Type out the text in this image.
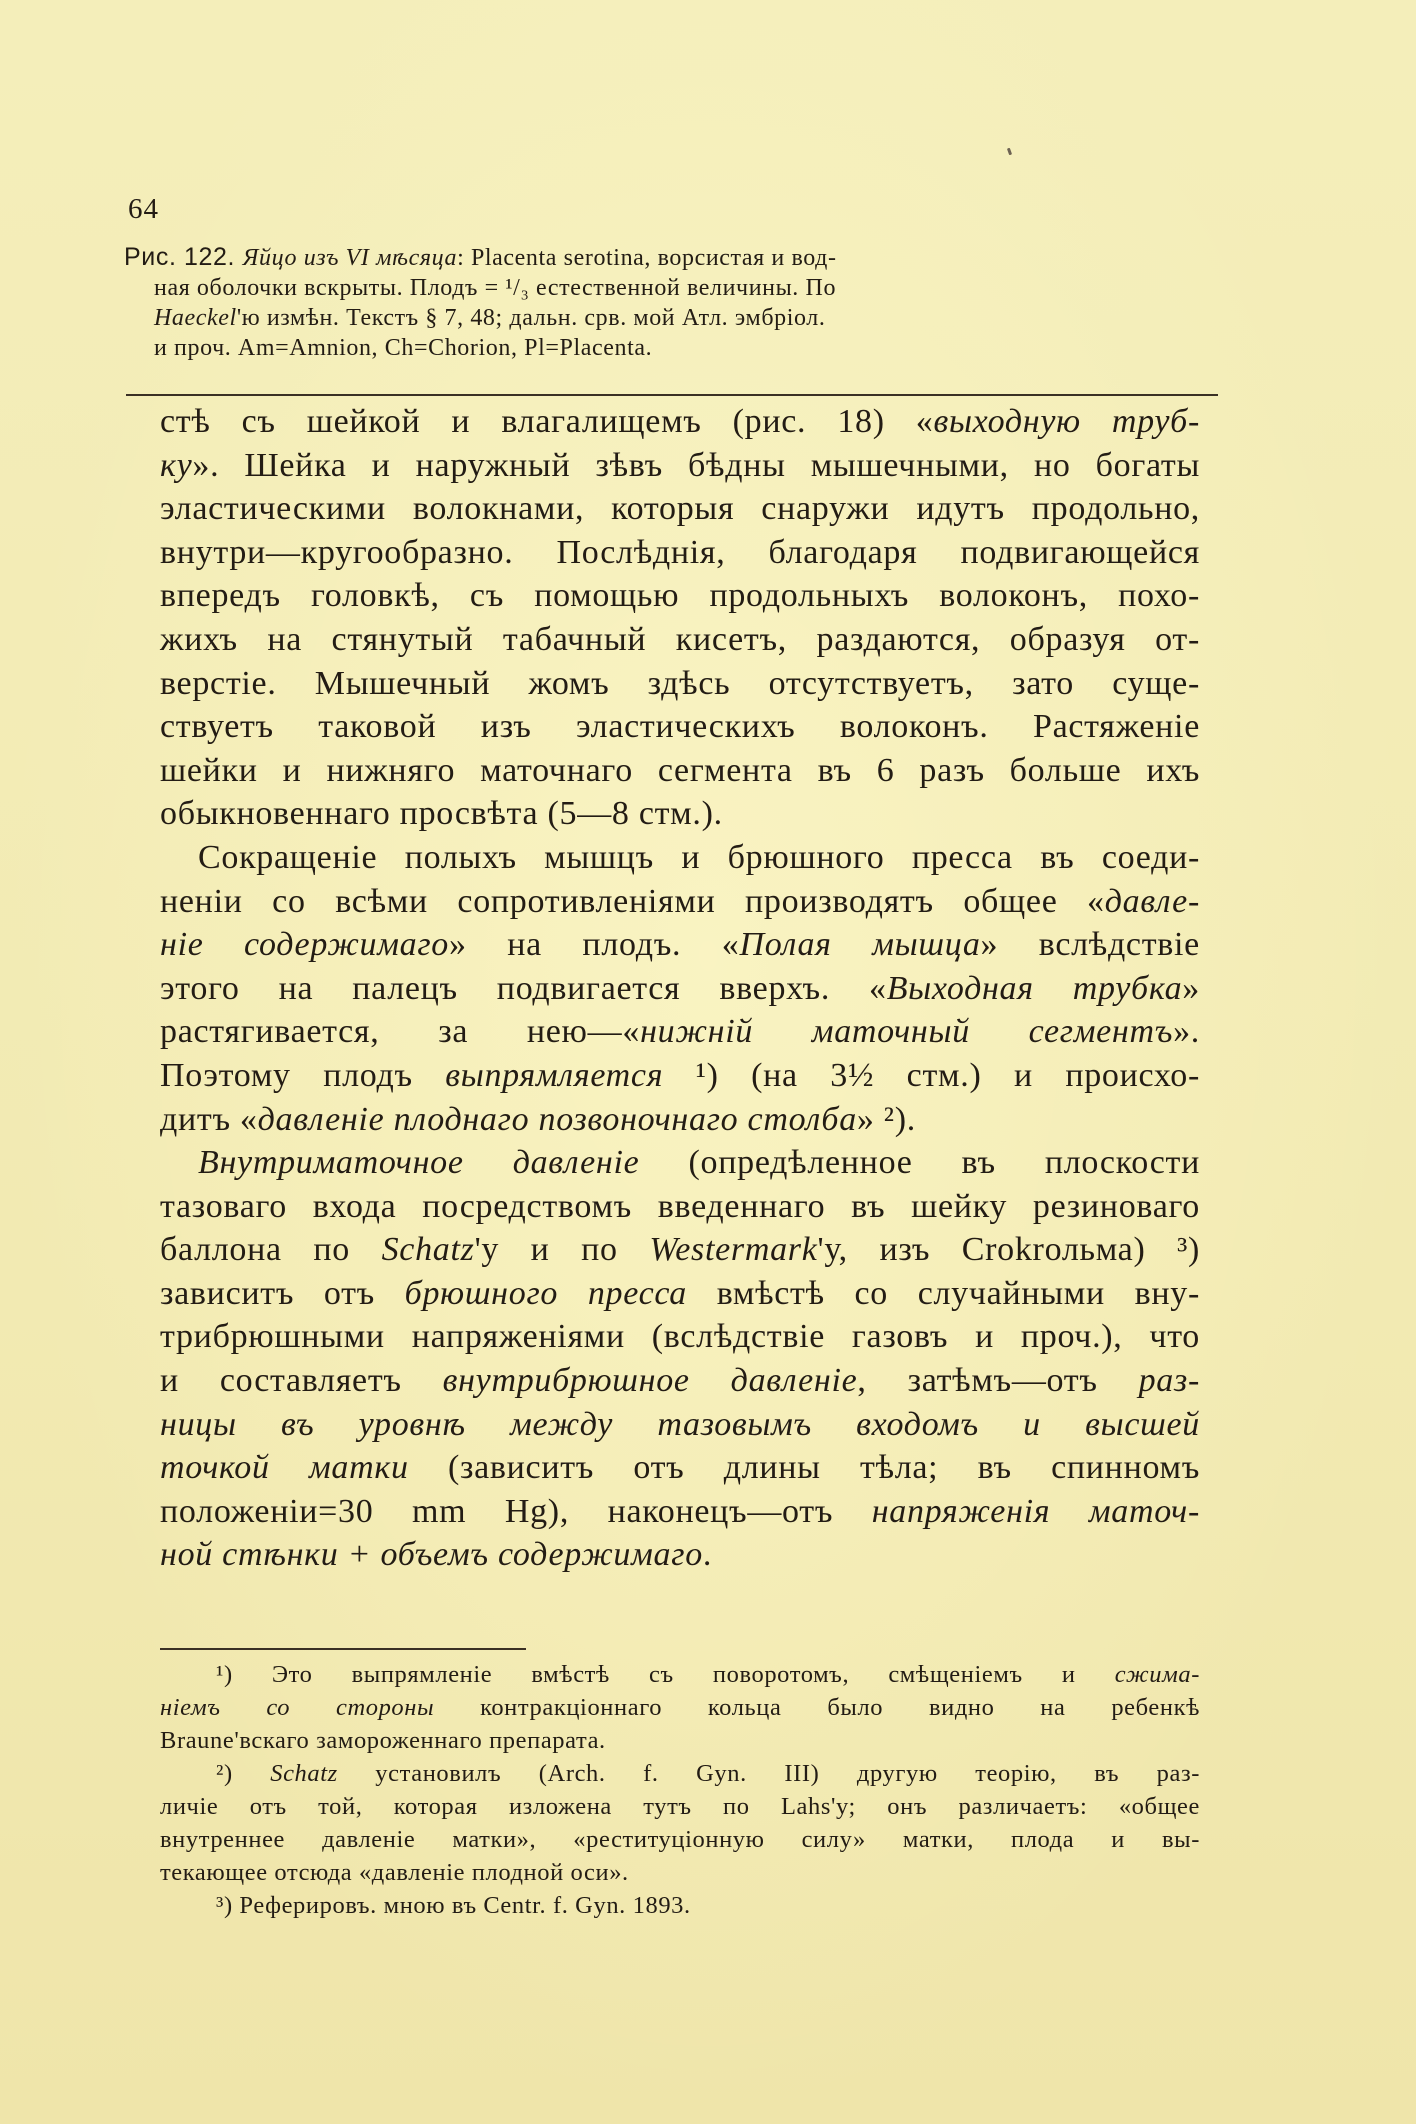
64
Рис. 122. Яйцо изъ VI мѣсяца: Placenta serotina, ворсистая и вод-
ная оболочки вскрыты. Плодъ = ¹/₃ естественной величины. По
Haeckel'ю измѣн. Текстъ § 7, 48; дальн. срв. мой Атл. эмбріол.
и проч. Am=Amnion, Ch=Chorion, Pl=Placenta.
стѣ съ шейкой и влагалищемъ (рис. 18) «выходную труб-
ку». Шейка и наружный зѣвъ бѣдны мышечными, но богаты
эластическими волокнами, которыя снаружи идутъ продольно,
внутри—кругообразно. Послѣднія, благодаря подвигающейся
впередъ головкѣ, съ помощью продольныхъ волоконъ, похо-
жихъ на стянутый табачный кисетъ, раздаются, образуя от-
верстіе. Мышечный жомъ здѣсь отсутствуетъ, зато суще-
ствуетъ таковой изъ эластическихъ волоконъ. Растяженіе
шейки и нижняго маточнаго сегмента въ 6 разъ больше ихъ
обыкновеннаго просвѣта (5—8 стм.).
Сокращеніе полыхъ мышцъ и брюшного пресса въ соеди-
неніи со всѣми сопротивленіями производятъ общее «давле-
ніе содержимаго» на плодъ. «Полая мышца» вслѣдствіе
этого на палецъ подвигается вверхъ. «Выходная трубка»
растягивается, за нею—«нижній маточный сегментъ».
Поэтому плодъ выпрямляется ¹) (на 3½ стм.) и происхо-
дитъ «давленіе плоднаго позвоночнаго столба» ²).
Внутриматочное давленіе (опредѣленное въ плоскости
тазоваго входа посредствомъ введеннаго въ шейку резиноваго
баллона по Schatz'у и по Westermark'у, изъ Crokrольма) ³)
зависитъ отъ брюшного пресса вмѣстѣ со случайными вну-
трибрюшными напряженіями (вслѣдствіе газовъ и проч.), что
и составляетъ внутрибрюшное давленіе, затѣмъ—отъ раз-
ницы въ уровнѣ между тазовымъ входомъ и высшей
точкой матки (зависитъ отъ длины тѣла; въ спинномъ
положеніи=30 mm Hg), наконецъ—отъ напряженія маточ-
ной стѣнки + объемъ содержимаго.
¹) Это выпрямленіе вмѣстѣ съ поворотомъ, смѣщеніемъ и сжима-
ніемъ со стороны контракціоннаго кольца было видно на ребенкѣ
Braune'вскаго замороженнаго препарата.
²) Schatz установилъ (Arch. f. Gyn. III) другую теорію, въ раз-
личіе отъ той, которая изложена тутъ по Lahs'у; онъ различаетъ: «общее
внутреннее давленіе матки», «реституціонную силу» матки, плода и вы-
текающее отсюда «давленіе плодной оси».
³) Реферировъ. мною въ Centr. f. Gyn. 1893.
